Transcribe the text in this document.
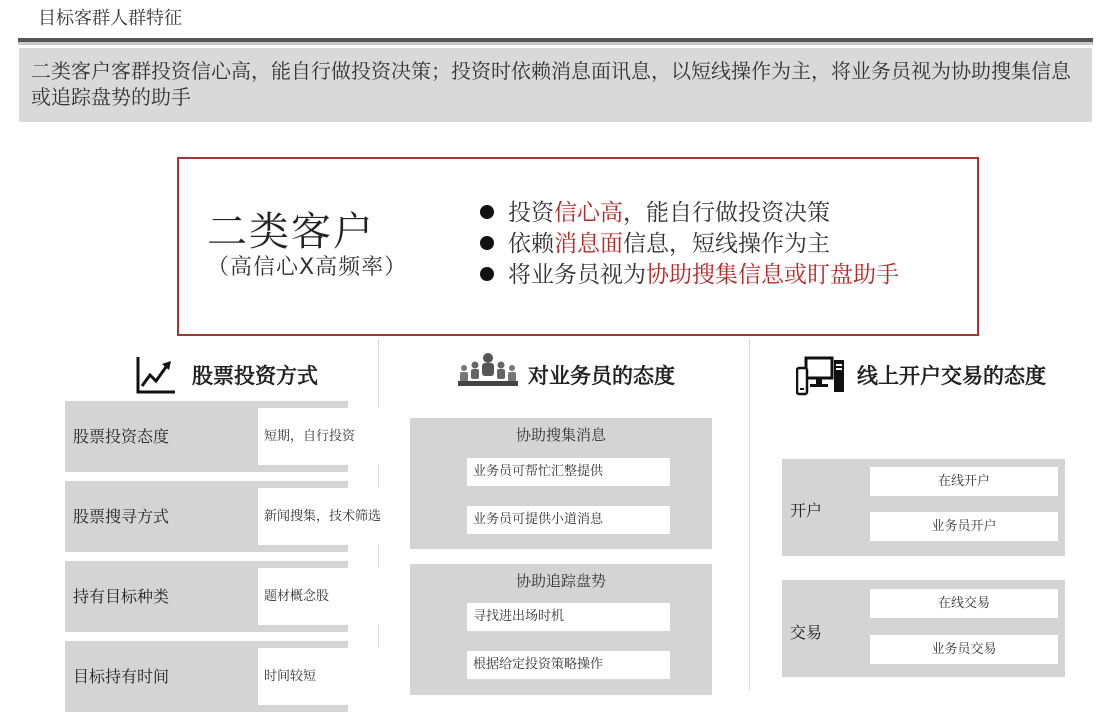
目标客群人群特征
二类客户客群投资信心高，能自行做投资决策；投资时依赖消息面讯息，以短线操作为主，将业务员视为协助搜集信息或追踪盘势的助手
二类客户
（高信心X高频率）
投资信心高，能自行做投资决策
依赖消息面信息，短线操作为主
将业务员视为协助搜集信息或盯盘助手
股票投资方式
股票投资态度	短期，自行投资
股票搜寻方式	新闻搜集，技术筛选
持有目标种类	题材概念股
目标持有时间	时间较短
对业务员的态度
协助搜集消息
业务员可帮忙汇整提供
业务员可提供小道消息
协助追踪盘势
寻找进出场时机
根据给定投资策略操作
线上开户交易的态度
开户
在线开户
业务员开户
交易
在线交易
业务员交易
